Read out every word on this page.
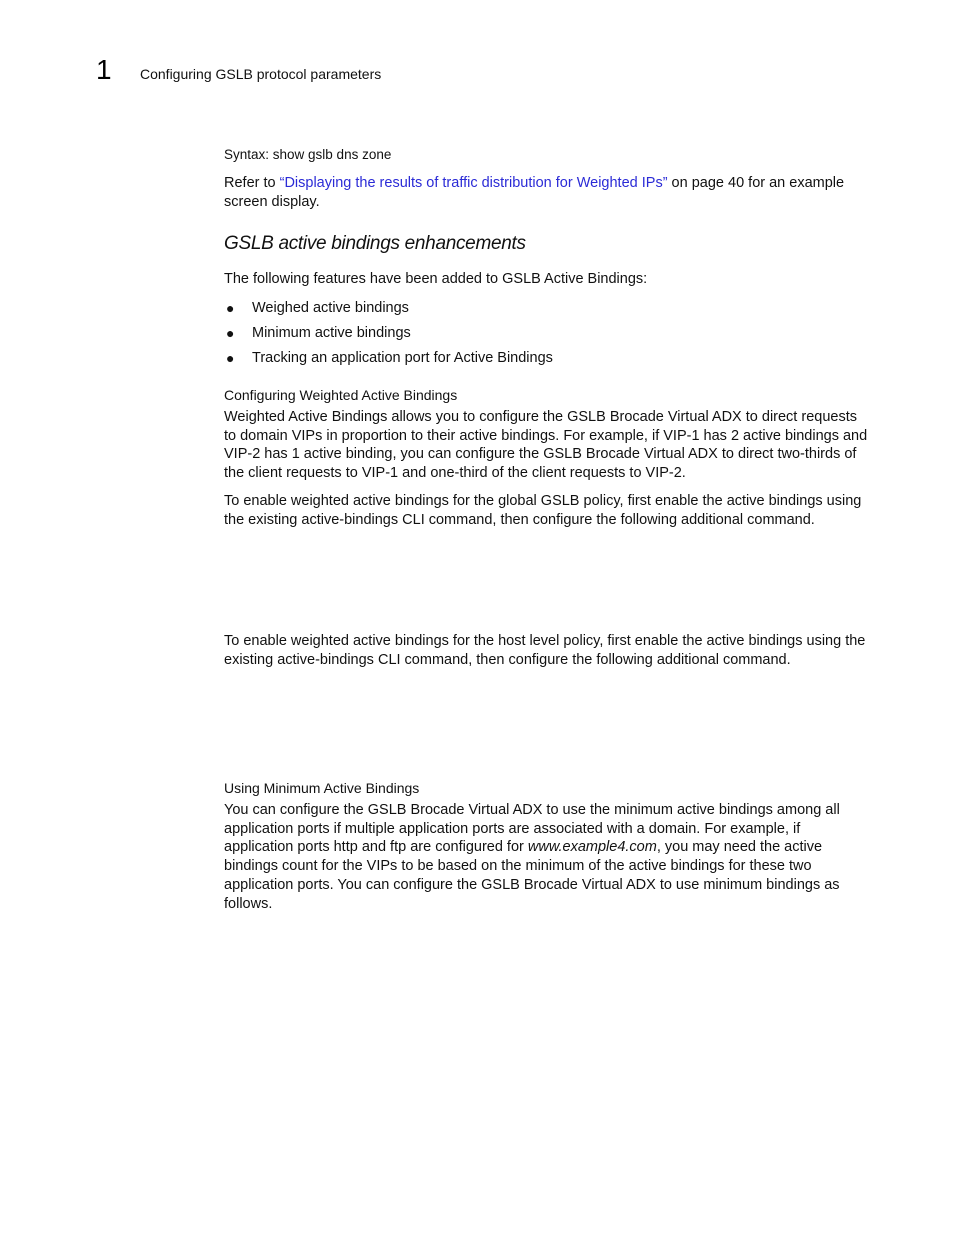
1 Configuring GSLB protocol parameters
Syntax: show gslb dns zone

Refer to “Displaying the results of traffic distribution for Weighted IPs” on page 40 for an example screen display.

GSLB active bindings enhancements

The following features have been added to GSLB Active Bindings:

● Weighed active bindings
● Minimum active bindings
● Tracking an application port for Active Bindings
Configuring Weighted Active Bindings

Weighted Active Bindings allows you to configure the GSLB Brocade Virtual ADX to direct requests to domain VIPs in proportion to their active bindings. For example, if VIP-1 has 2 active bindings and VIP-2 has 1 active binding, you can configure the GSLB Brocade Virtual ADX to direct two-thirds of the client requests to VIP-1 and one-third of the client requests to VIP-2.

To enable weighted active bindings for the global GSLB policy, first enable the active bindings using the existing active-bindings CLI command, then configure the following additional command.

To enable weighted active bindings for the host level policy, first enable the active bindings using the existing active-bindings CLI command, then configure the following additional command.

Using Minimum Active Bindings

You can configure the GSLB Brocade Virtual ADX to use the minimum active bindings among all application ports if multiple application ports are associated with a domain. For example, if application ports http and ftp are configured for www.example4.com, you may need the active bindings count for the VIPs to be based on the minimum of the active bindings for these two application ports. You can configure the GSLB Brocade Virtual ADX to use minimum bindings as follows.
